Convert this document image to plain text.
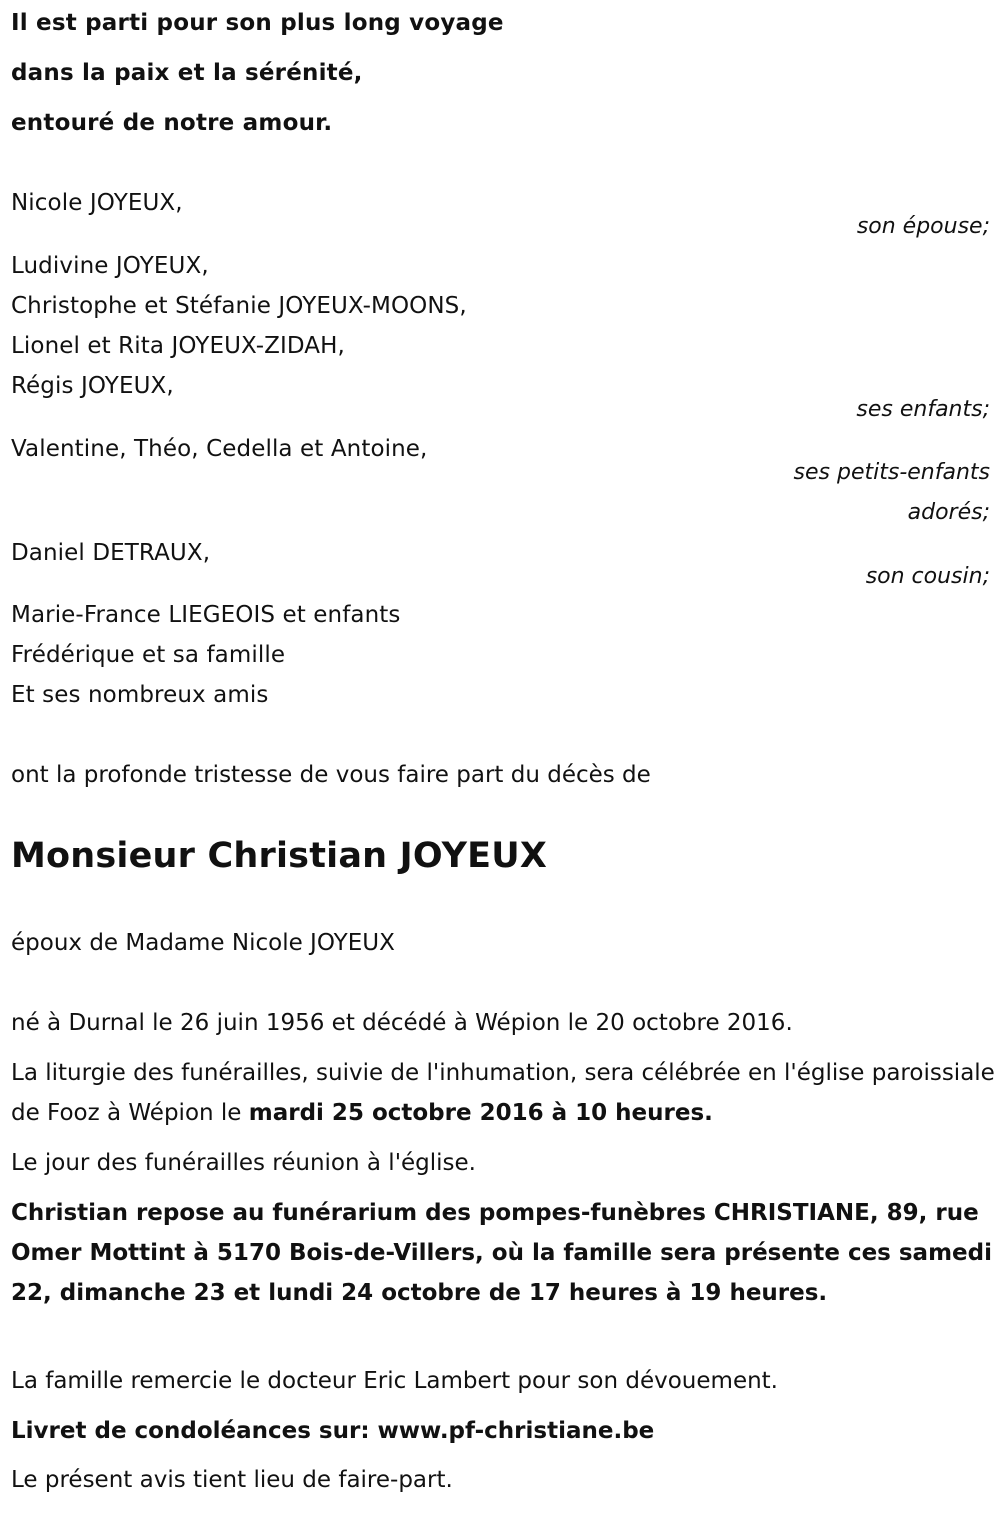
Il est parti pour son plus long voyage
dans la paix et la sérénité,
entouré de notre amour.
Nicole JOYEUX,
son épouse;
Ludivine JOYEUX,
Christophe et Stéfanie JOYEUX-MOONS,
Lionel et Rita JOYEUX-ZIDAH,
Régis JOYEUX,
ses enfants;
Valentine, Théo, Cedella et Antoine,
ses petits-enfants
adorés;
Daniel DETRAUX,
son cousin;
Marie-France LIEGEOIS et enfants
Frédérique et sa famille
Et ses nombreux amis
ont la profonde tristesse de vous faire part du décès de
Monsieur Christian JOYEUX
époux de Madame Nicole JOYEUX
né à Durnal le 26 juin 1956 et décédé à Wépion le 20 octobre 2016.
La liturgie des funérailles, suivie de l'inhumation, sera célébrée en l'église paroissiale de Fooz à Wépion le mardi 25 octobre 2016 à 10 heures.
Le jour des funérailles réunion à l'église.
Christian repose au funérarium des pompes-funèbres CHRISTIANE, 89, rue Omer Mottint à 5170 Bois-de-Villers, où la famille sera présente ces samedi 22, dimanche 23 et lundi 24 octobre de 17 heures à 19 heures.
La famille remercie le docteur Eric Lambert pour son dévouement.
Livret de condoléances sur: www.pf-christiane.be
Le présent avis tient lieu de faire-part.
